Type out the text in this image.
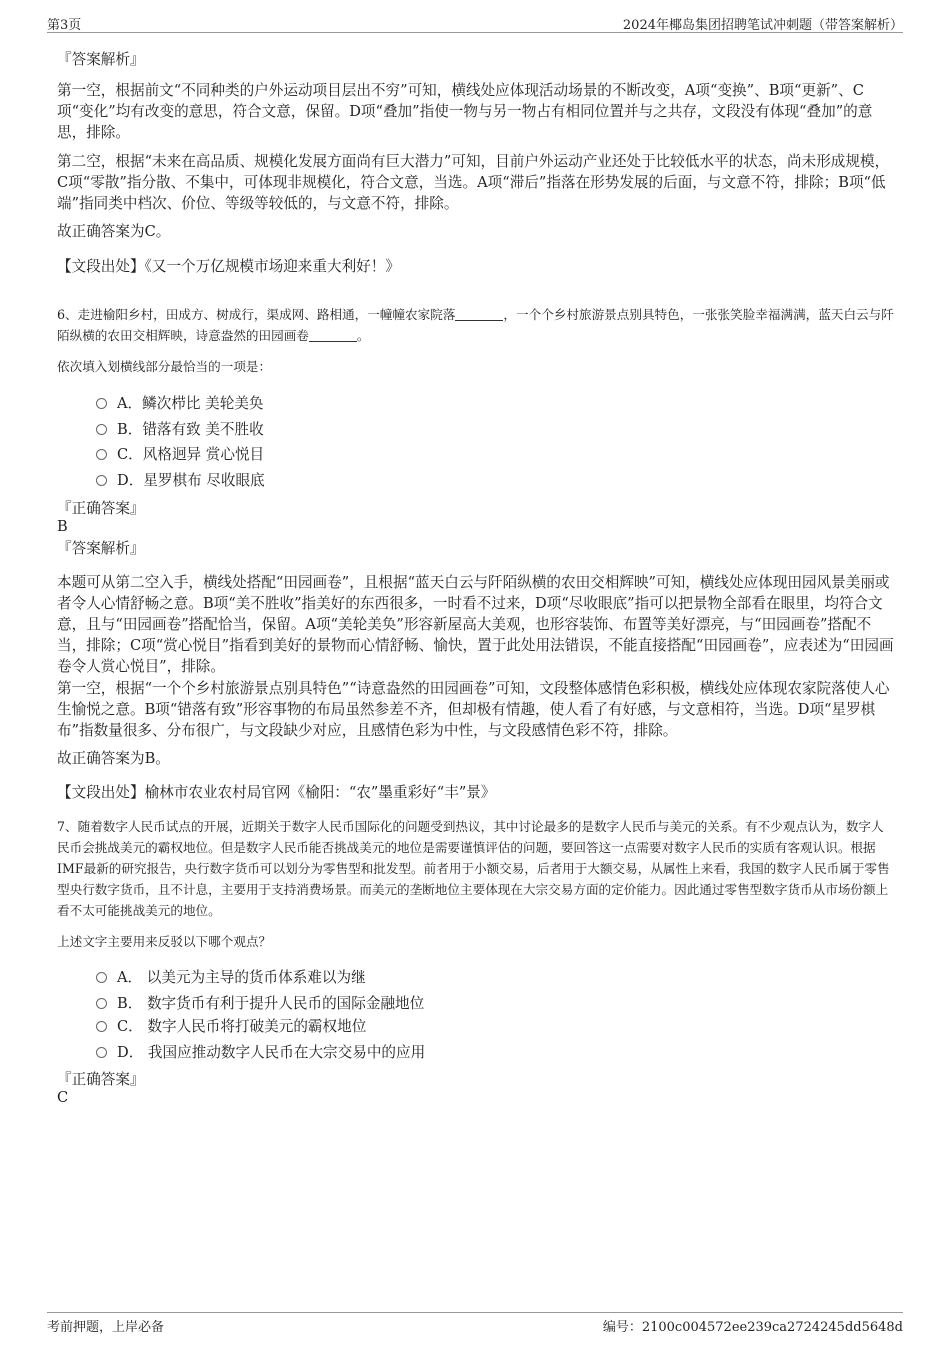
第3页	2024年椰岛集团招聘笔试冲刺题（带答案解析）

『答案解析』

第一空，根据前文“不同种类的户外运动项目层出不穷”可知，横线处应体现活动场景的不断改变，A项“变换”、B项“更新”、C项“变化”均有改变的意思，符合文意，保留。D项“叠加”指使一物与另一物占有相同位置并与之共存，文段没有体现“叠加”的意思，排除。

第二空，根据“未来在高品质、规模化发展方面尚有巨大潜力”可知，目前户外运动产业还处于比较低水平的状态，尚未形成规模，C项“零散”指分散、不集中，可体现非规模化，符合文意，当选。A项“滞后”指落在形势发展的后面，与文意不符，排除；B项“低端”指同类中档次、价位、等级等较低的，与文意不符，排除。

故正确答案为C。

【文段出处】《又一个万亿规模市场迎来重大利好！》

6、走进榆阳乡村，田成方、树成行，渠成网、路相通，一幢幢农家院落	，一个个乡村旅游景点别具特色，一张张笑脸幸福满满，蓝天白云与阡陌纵横的农田交相辉映，诗意盎然的田园画卷	。

依次填入划横线部分最恰当的一项是：

A．鳞次栉比 美轮美奂
B．错落有致 美不胜收
C．风格迥异 赏心悦目
D．星罗棋布 尽收眼底

『正确答案』

B

『答案解析』

本题可从第二空入手，横线处搭配“田园画卷”，且根据“蓝天白云与阡陌纵横的农田交相辉映”可知，横线处应体现田园风景美丽或者令人心情舒畅之意。B项“美不胜收”指美好的东西很多，一时看不过来，D项“尽收眼底”指可以把景物全部看在眼里，均符合文意，且与“田园画卷”搭配恰当，保留。A项“美轮美奂”形容新屋高大美观，也形容装饰、布置等美好漂亮，与“田园画卷”搭配不当，排除；C项“赏心悦目”指看到美好的景物而心情舒畅、愉快，置于此处用法错误，不能直接搭配“田园画卷”，应表述为“田园画卷令人赏心悦目”，排除。

第一空，根据“一个个乡村旅游景点别具特色”“诗意盎然的田园画卷”可知，文段整体感情色彩积极，横线处应体现农家院落使人心生愉悦之意。B项“错落有致”形容事物的布局虽然参差不齐，但却极有情趣，使人看了有好感，与文意相符，当选。D项“星罗棋布”指数量很多、分布很广，与文段缺少对应，且感情色彩为中性，与文段感情色彩不符，排除。

故正确答案为B。

【文段出处】榆林市农业农村局官网《榆阳：“农”墨重彩好“丰”景》

7、随着数字人民币试点的开展，近期关于数字人民币国际化的问题受到热议，其中讨论最多的是数字人民币与美元的关系。有不少观点认为，数字人民币会挑战美元的霸权地位。但是数字人民币能否挑战美元的地位是需要谨慎评估的问题，要回答这一点需要对数字人民币的实质有客观认识。根据IMF最新的研究报告，央行数字货币可以划分为零售型和批发型。前者用于小额交易，后者用于大额交易，从属性上来看，我国的数字人民币属于零售型央行数字货币，且不计息，主要用于支持消费场景。而美元的垄断地位主要体现在大宗交易方面的定价能力。因此通过零售型数字货币从市场份额上看不太可能挑战美元的地位。

上述文字主要用来反驳以下哪个观点？

A． 以美元为主导的货币体系难以为继
B． 数字货币有利于提升人民币的国际金融地位
C． 数字人民币将打破美元的霸权地位
D． 我国应推动数字人民币在大宗交易中的应用

『正确答案』

C

考前押题，上岸必备	编号：2100c004572ee239ca2724245dd5648d
